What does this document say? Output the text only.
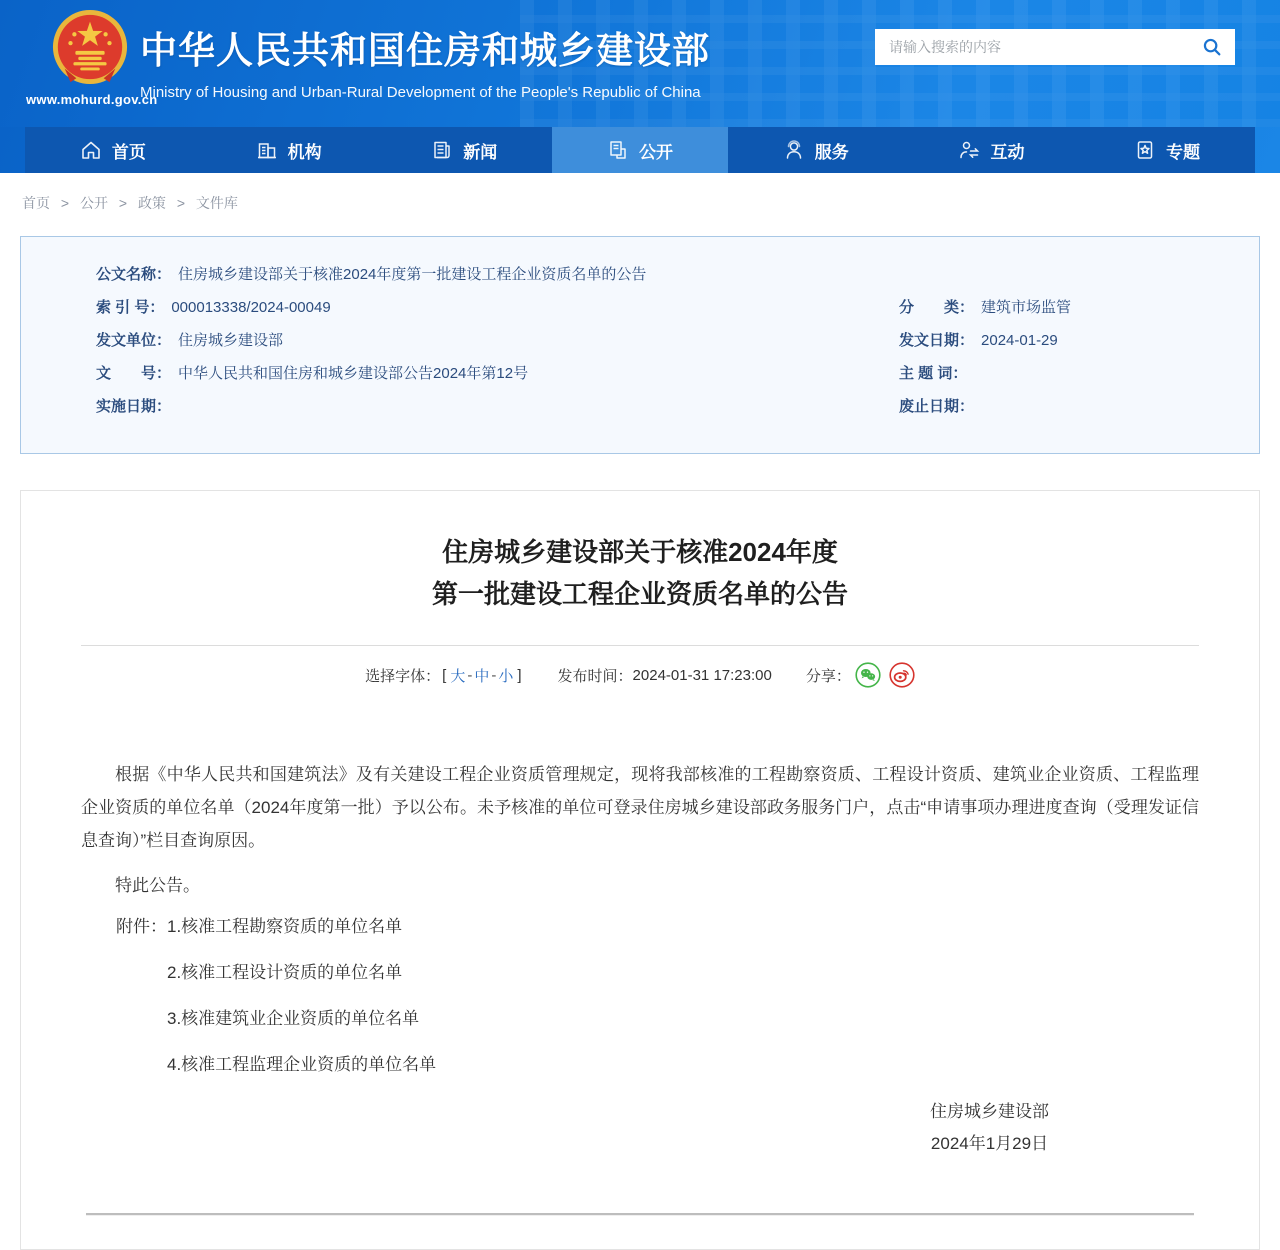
www.mohurd.gov.cn
中华人民共和国住房和城乡建设部
Ministry of Housing and Urban-Rural Development of the People's Republic of China
请输入搜索的内容
首页	机构	新闻	公开	服务	互动	专题
首页 > 公开 > 政策 > 文件库
公文名称： 住房城乡建设部关于核准2024年度第一批建设工程企业资质名单的公告
索 引 号： 000013338/2024-00049	分　　类： 建筑市场监管
发文单位： 住房城乡建设部	发文日期： 2024-01-29
文　　号： 中华人民共和国住房和城乡建设部公告2024年第12号	主 题 词：
实施日期：	废止日期：
住房城乡建设部关于核准2024年度
第一批建设工程企业资质名单的公告
选择字体： [ 大 - 中 - 小 ] 发布时间： 2024-01-31 17:23:00 分享：

根据《中华人民共和国建筑法》及有关建设工程企业资质管理规定，现将我部核准的工程勘察资质、工程设计资质、建筑业企业资质、工程监理企业资质的单位名单（2024年度第一批）予以公布。未予核准的单位可登录住房城乡建设部政务服务门户，点击“申请事项办理进度查询（受理发证信息查询）”栏目查询原因。

特此公告。

附件：1.核准工程勘察资质的单位名单
2.核准工程设计资质的单位名单
3.核准建筑业企业资质的单位名单
4.核准工程监理企业资质的单位名单
住房城乡建设部
2024年1月29日
